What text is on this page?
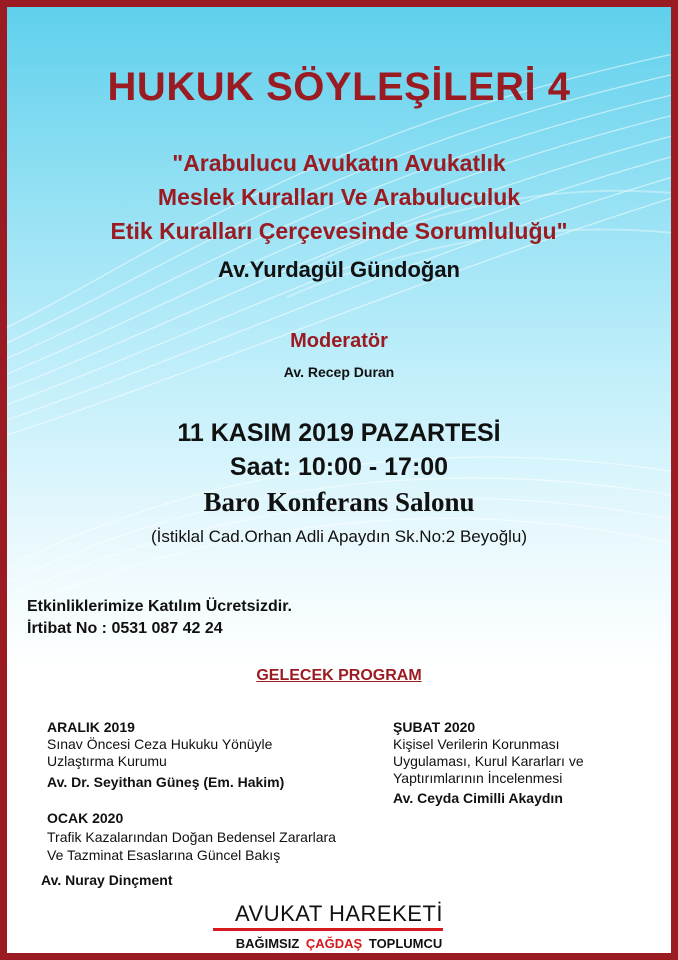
HUKUK SÖYLEŞİLERİ 4
"Arabulucu Avukatın Avukatlık
Meslek Kuralları Ve Arabuluculuk
Etik Kuralları Çerçevesinde Sorumluluğu"
Av.Yurdagül Gündoğan
Moderatör
Av. Recep Duran
11 KASIM 2019 PAZARTESİ
Saat: 10:00 - 17:00
Baro Konferans Salonu
(İstiklal Cad.Orhan Adli Apaydın Sk.No:2 Beyoğlu)
Etkinliklerimize Katılım Ücretsizdir.
İrtibat No : 0531 087 42 24
GELECEK PROGRAM
ARALIK 2019
Sınav Öncesi Ceza Hukuku Yönüyle
Uzlaştırma Kurumu
Av. Dr. Seyithan Güneş (Em. Hakim)
ŞUBAT 2020
Kişisel Verilerin Korunması
Uygulaması, Kurul Kararları ve
Yaptırımlarının İncelenmesi
Av. Ceyda Cimilli Akaydın
OCAK 2020
Trafik Kazalarından Doğan Bedensel Zararlara
Ve Tazminat Esaslarına Güncel Bakış
Av. Nuray Dinçment
AVUKAT HAREKETİ
BAĞIMSIZ ÇAĞDAŞ TOPLUMCU
